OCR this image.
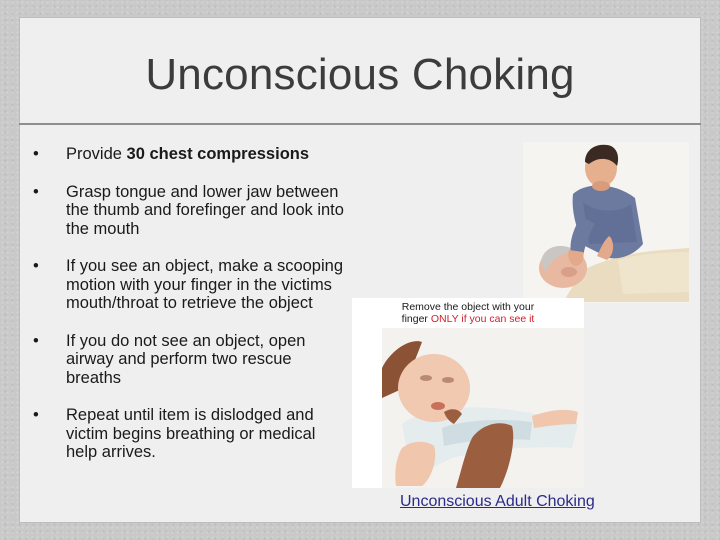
Unconscious Choking
• Provide 30 chest compressions
• Grasp tongue and lower jaw between the thumb and forefinger and look into the mouth
• If you see an object, make a scooping motion with your finger in the victims mouth/throat to retrieve the object
• If you do not see an object, open airway and perform two rescue breaths
• Repeat until item is dislodged and victim begins breathing or medical help arrives.
Remove the object with your
finger ONLY if you can see it
Unconscious Adult Choking
